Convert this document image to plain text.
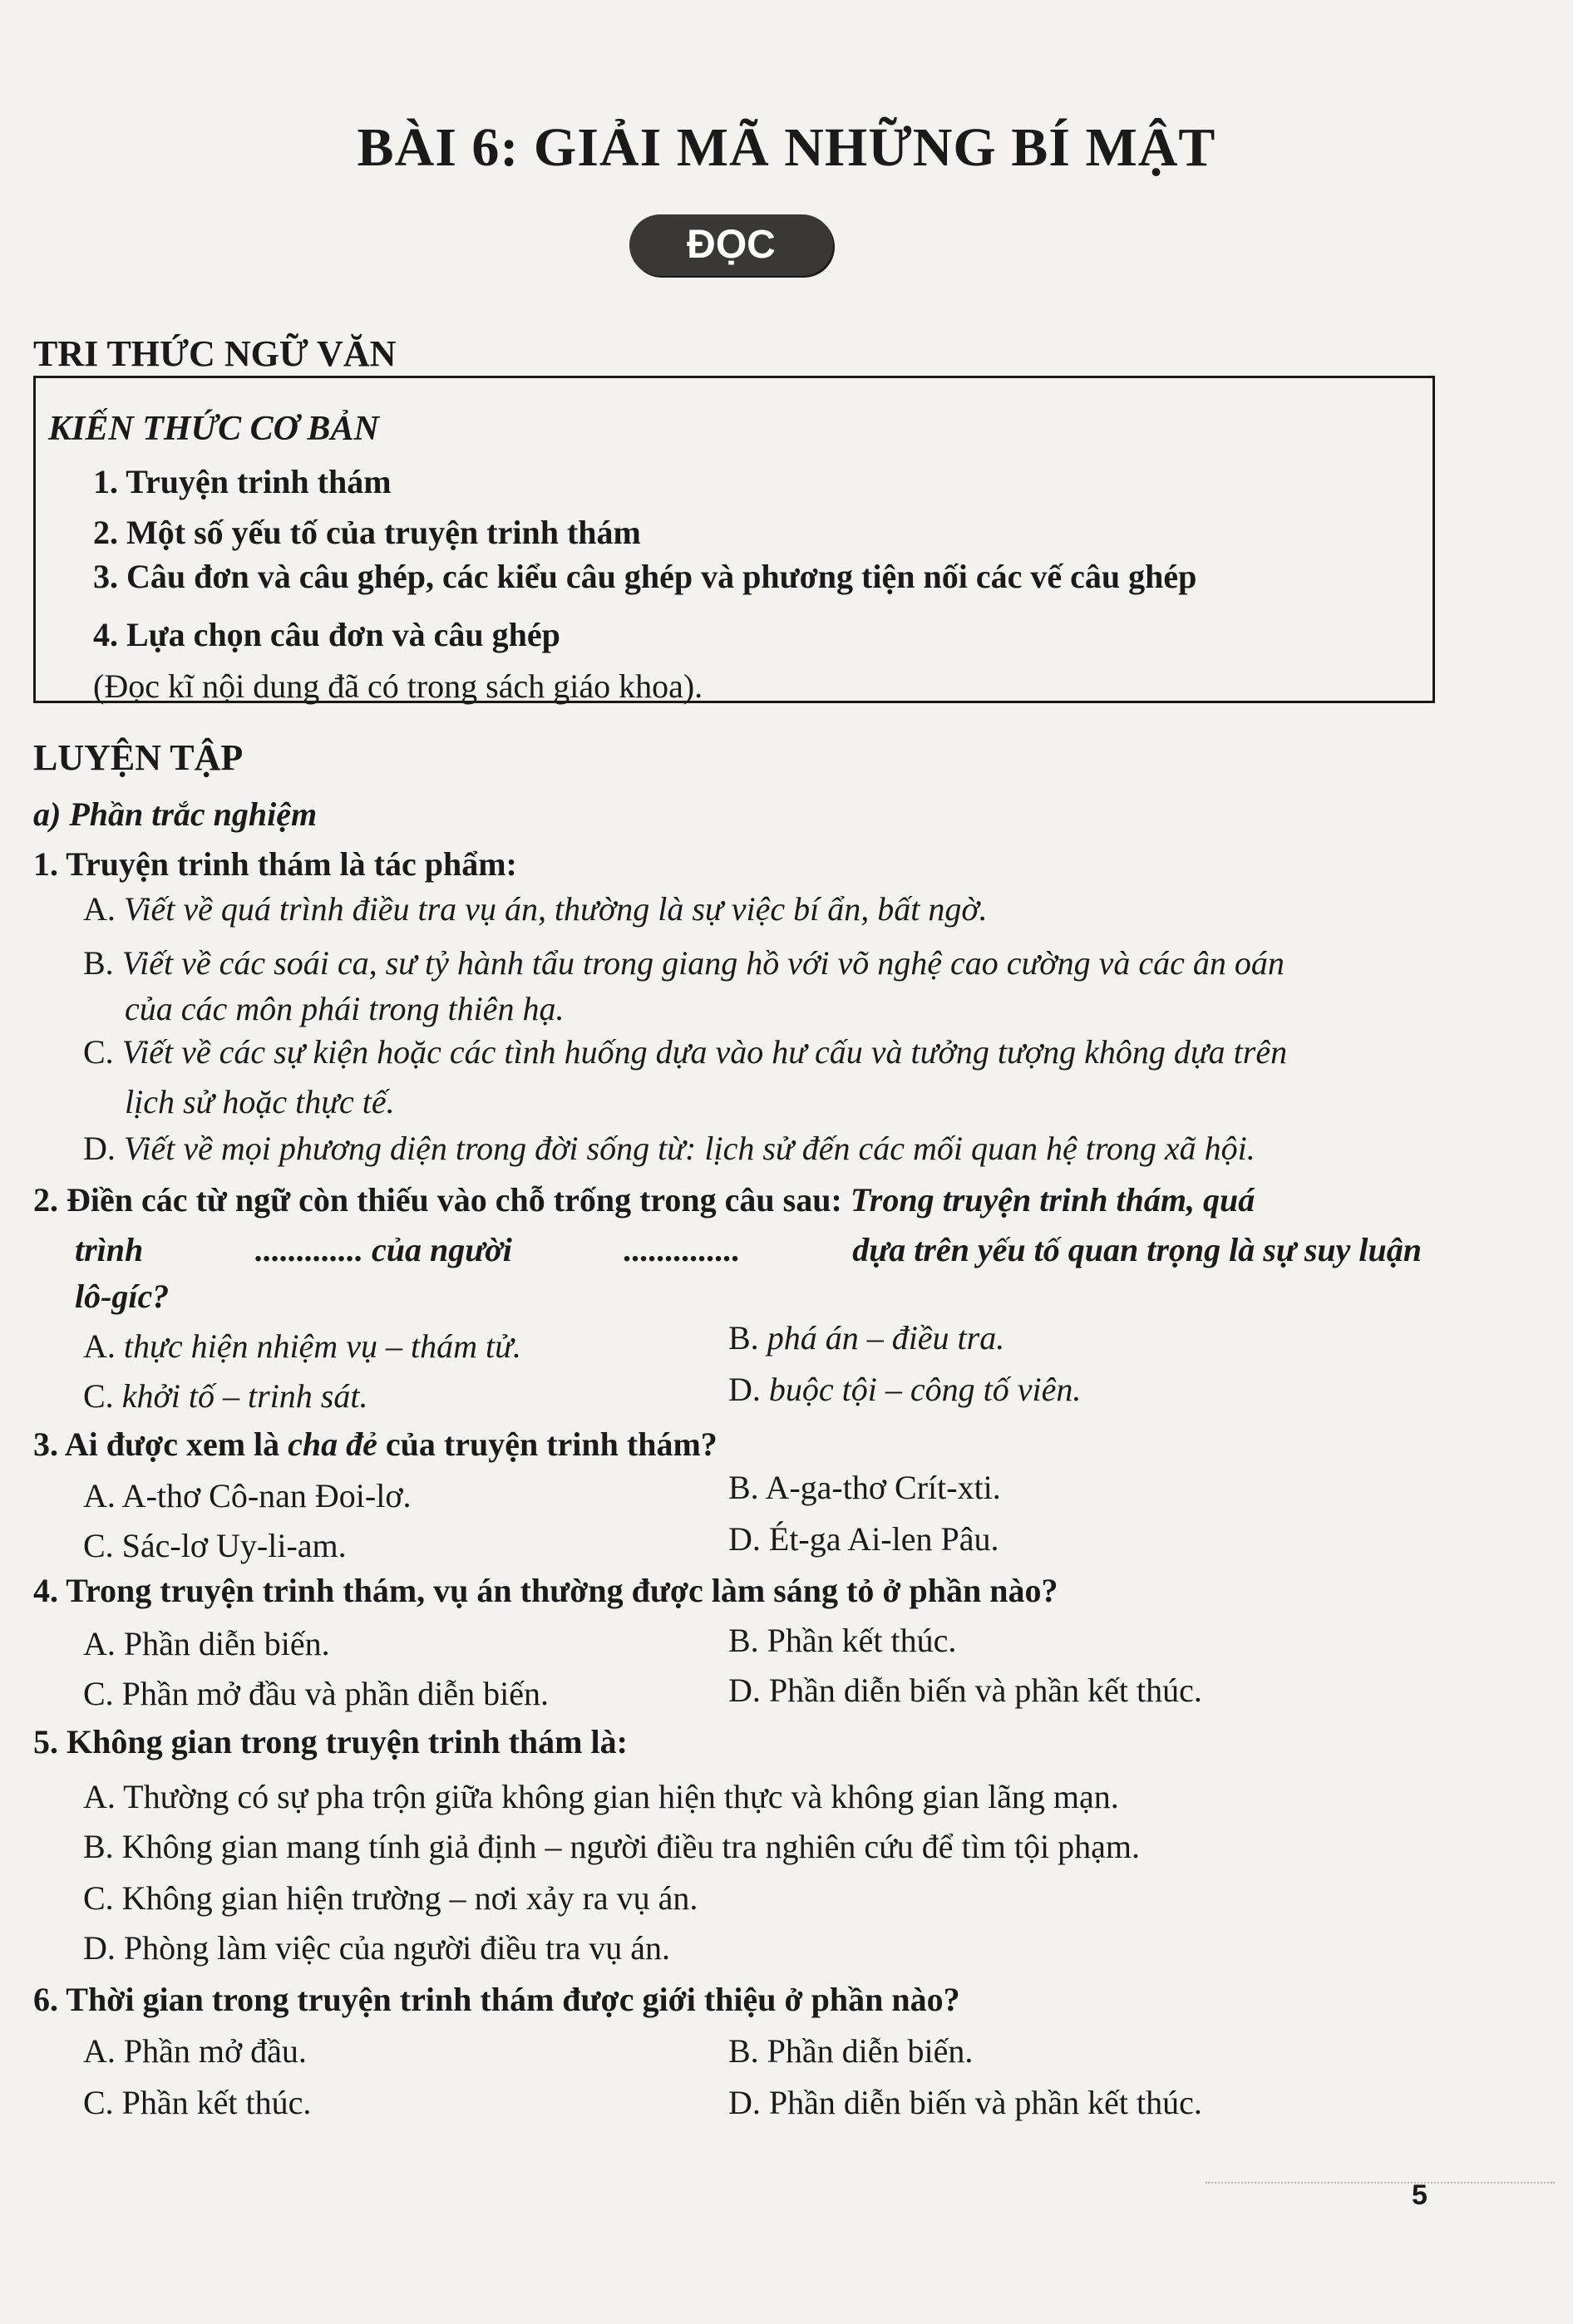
BÀI 6: GIẢI MÃ NHỮNG BÍ MẬT
ĐỌC
TRI THỨC NGỮ VĂN
KIẾN THỨC CƠ BẢN
1. Truyện trinh thám
2. Một số yếu tố của truyện trinh thám
3. Câu đơn và câu ghép, các kiểu câu ghép và phương tiện nối các vế câu ghép
4. Lựa chọn câu đơn và câu ghép
(Đọc kĩ nội dung đã có trong sách giáo khoa).
LUYỆN TẬP
a) Phần trắc nghiệm
1. Truyện trinh thám là tác phẩm:
A. Viết về quá trình điều tra vụ án, thường là sự việc bí ẩn, bất ngờ.
B. Viết về các soái ca, sư tỷ hành tẩu trong giang hồ với võ nghệ cao cường và các ân oán
của các môn phái trong thiên hạ.
C. Viết về các sự kiện hoặc các tình huống dựa vào hư cấu và tưởng tượng không dựa trên
lịch sử hoặc thực tế.
D. Viết về mọi phương diện trong đời sống từ: lịch sử đến các mối quan hệ trong xã hội.
2. Điền các từ ngữ còn thiếu vào chỗ trống trong câu sau: Trong truyện trinh thám, quá
trình	............. của người	..............	dựa trên yếu tố quan trọng là sự suy luận
lô-gíc?
A. thực hiện nhiệm vụ – thám tử.	B. phá án – điều tra.
C. khởi tố – trinh sát.	D. buộc tội – công tố viên.
3. Ai được xem là cha đẻ của truyện trinh thám?
A. A-thơ Cô-nan Đoi-lơ.	B. A-ga-thơ Crít-xti.
C. Sác-lơ Uy-li-am.	D. Ét-ga Ai-len Pâu.
4. Trong truyện trinh thám, vụ án thường được làm sáng tỏ ở phần nào?
A. Phần diễn biến.	B. Phần kết thúc.
C. Phần mở đầu và phần diễn biến.	D. Phần diễn biến và phần kết thúc.
5. Không gian trong truyện trinh thám là:
A. Thường có sự pha trộn giữa không gian hiện thực và không gian lãng mạn.
B. Không gian mang tính giả định – người điều tra nghiên cứu để tìm tội phạm.
C. Không gian hiện trường – nơi xảy ra vụ án.
D. Phòng làm việc của người điều tra vụ án.
6. Thời gian trong truyện trinh thám được giới thiệu ở phần nào?
A. Phần mở đầu.	B. Phần diễn biến.
C. Phần kết thúc.	D. Phần diễn biến và phần kết thúc.
5
